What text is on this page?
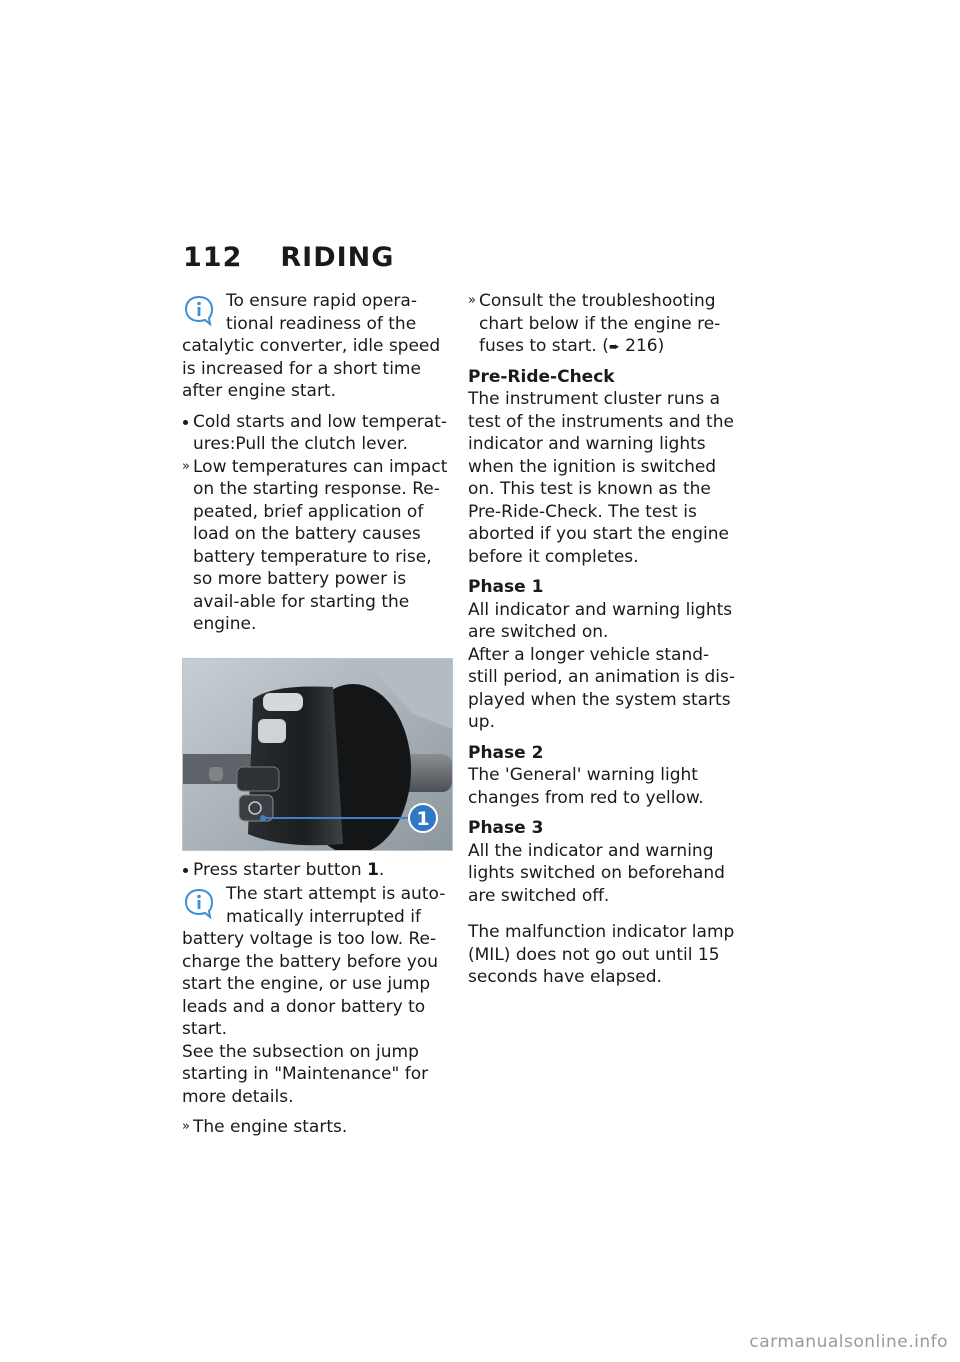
112 RIDING
To ensure rapid opera-
tional readiness of the

catalytic converter, idle speed is increased for a short time after engine start.

Cold starts and low temperat-ures:Pull the clutch lever.

» Low temperatures can impact on the starting response. Re-peated, brief application of load on the battery causes battery temperature to rise, so more battery power is avail-able for starting the engine.

1

Press starter button 1.

The start attempt is auto-
matically interrupted if

battery voltage is too low. Re-charge the battery before you start the engine, or use jump leads and a donor battery to start.

See the subsection on jump starting in "Maintenance" for more details.

» The engine starts.

» Consult the troubleshooting chart below if the engine re-fuses to start. (➨ 216)

Pre-Ride-Check

The instrument cluster runs a test of the instruments and the indicator and warning lights when the ignition is switched on. This test is known as the Pre-Ride-Check. The test is aborted if you start the engine before it completes.

Phase 1

All indicator and warning lights are switched on.

After a longer vehicle stand-still period, an animation is dis-played when the system starts up.

Phase 2

The 'General' warning light changes from red to yellow.

Phase 3

All the indicator and warning lights switched on beforehand are switched off.

The malfunction indicator lamp (MIL) does not go out until 15 seconds have elapsed.

carmanualsonline.info
